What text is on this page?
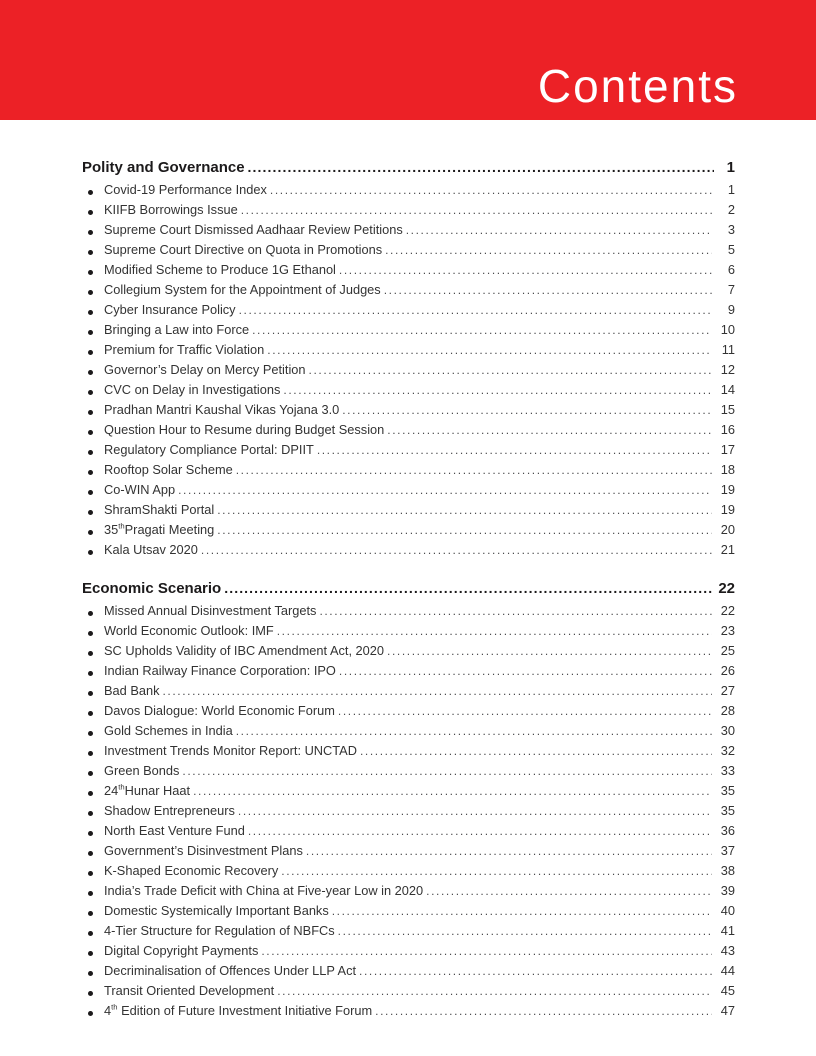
Contents
Polity and Governance .....	1
Covid-19 Performance Index .....	1
KIIFB Borrowings Issue .....	2
Supreme Court Dismissed Aadhaar Review Petitions .....	3
Supreme Court Directive on Quota in Promotions .....	5
Modified Scheme to Produce 1G Ethanol .....	6
Collegium System for the Appointment of Judges .....	7
Cyber Insurance Policy .....	9
Bringing a Law into Force .....	10
Premium for Traffic Violation .....	11
Governor’s Delay on Mercy Petition .....	12
CVC on Delay in Investigations .....	14
Pradhan Mantri Kaushal Vikas Yojana 3.0 .....	15
Question Hour to Resume during Budget Session .....	16
Regulatory Compliance Portal: DPIIT .....	17
Rooftop Solar Scheme .....	18
Co-WIN App .....	19
ShramShakti Portal .....	19
35thPragati Meeting .....	20
Kala Utsav 2020 .....	21
Economic Scenario .....	22
Missed Annual Disinvestment Targets .....	22
World Economic Outlook: IMF .....	23
SC Upholds Validity of IBC Amendment Act, 2020 .....	25
Indian Railway Finance Corporation: IPO .....	26
Bad Bank .....	27
Davos Dialogue: World Economic Forum .....	28
Gold Schemes in India .....	30
Investment Trends Monitor Report: UNCTAD .....	32
Green Bonds .....	33
24thHunar Haat .....	35
Shadow Entrepreneurs .....	35
North East Venture Fund .....	36
Government’s Disinvestment Plans .....	37
K-Shaped Economic Recovery .....	38
India’s Trade Deficit with China at Five-year Low in 2020 .....	39
Domestic Systemically Important Banks .....	40
4-Tier Structure for Regulation of NBFCs .....	41
Digital Copyright Payments .....	43
Decriminalisation of Offences Under LLP Act .....	44
Transit Oriented Development .....	45
4th Edition of Future Investment Initiative Forum .....	47
